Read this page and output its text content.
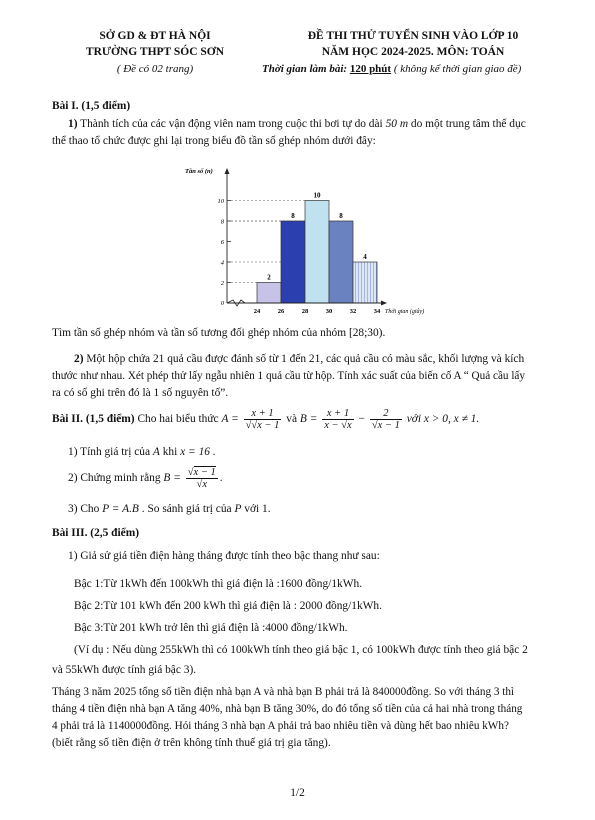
SỞ GD & ĐT HÀ NỘI
TRƯỜNG THPT SÓC SƠN
( Đề có 02 trang)
ĐỀ THI THỬ TUYỂN SINH VÀO LỚP 10
NĂM HỌC 2024-2025. MÔN: TOÁN
Thời gian làm bài: 120 phút ( không kể thời gian giao đề)
Bài I. (1,5 điểm)
1) Thành tích của các vận động viên nam trong cuộc thi bơi tự do dài 50 m do một trung tâm thể dục
thể thao tổ chức được ghi lại trong biểu đồ tần số ghép nhóm dưới đây:
2
8
10
8
4
2
4
6
8
10
0
24	26	28	30	32	34
Tần số (n)
Thời gian (giây)
Tìm tần số ghép nhóm và tần số tương đối ghép nhóm của nhóm [28;30).
2) Một hộp chứa 21 quả cầu được đánh số từ 1 đến 21, các quả cầu có màu sắc, khối lượng và kích
thước như nhau. Xét phép thử lấy ngẫu nhiên 1 quả cầu từ hộp. Tính xác suất của biến cố A “ Quả cầu lấy
ra có số ghi trên đó là 1 số nguyên tố”.
Bài II. (1,5 điểm) Cho hai biểu thức $A = \frac{x + 1}{√√ x - 1}$ và $B = \frac{x + 1}{x - √x} - \frac{2}{√x - 1}$ với x > 0, x ≠ 1.
1) Tính giá trị của A khi x = 16 .
2) Chứng minh rằng $B = \frac{√x - 1}{√x}$ .
3) Cho P = A.B . So sánh giá trị của P với 1.
Bài III. (2,5 điểm)
1) Giả sử giá tiền điện hàng tháng được tính theo bậc thang như sau:
Bậc 1:Từ 1kWh đến 100kWh thì giá điện là :1600 đồng/1kWh.
Bậc 2:Từ 101 kWh đến 200 kWh thì giá điện là : 2000 đồng/1kWh.
Bậc 3:Từ 201 kWh trở lên thì giá điện là :4000 đồng/1kWh.
(Ví dụ : Nếu dùng 255kWh thì có 100kWh tính theo giá bậc 1, có 100kWh được tính theo giá bậc 2
và 55kWh được tính giá bậc 3).
Tháng 3 năm 2025 tổng số tiền điện nhà bạn A và nhà bạn B phải trả là 840000đồng. So với tháng 3 thì
tháng 4 tiền điện nhà bạn A tăng 40%, nhà bạn B tăng 30%, do đó tổng số tiền của cả hai nhà trong tháng
4 phải trả là 1140000đồng. Hỏi tháng 3 nhà bạn A phải trả bao nhiêu tiền và dùng hết bao nhiêu kWh?
(biết rằng số tiền điện ở trên không tính thuế giá trị gia tăng).
1/2
